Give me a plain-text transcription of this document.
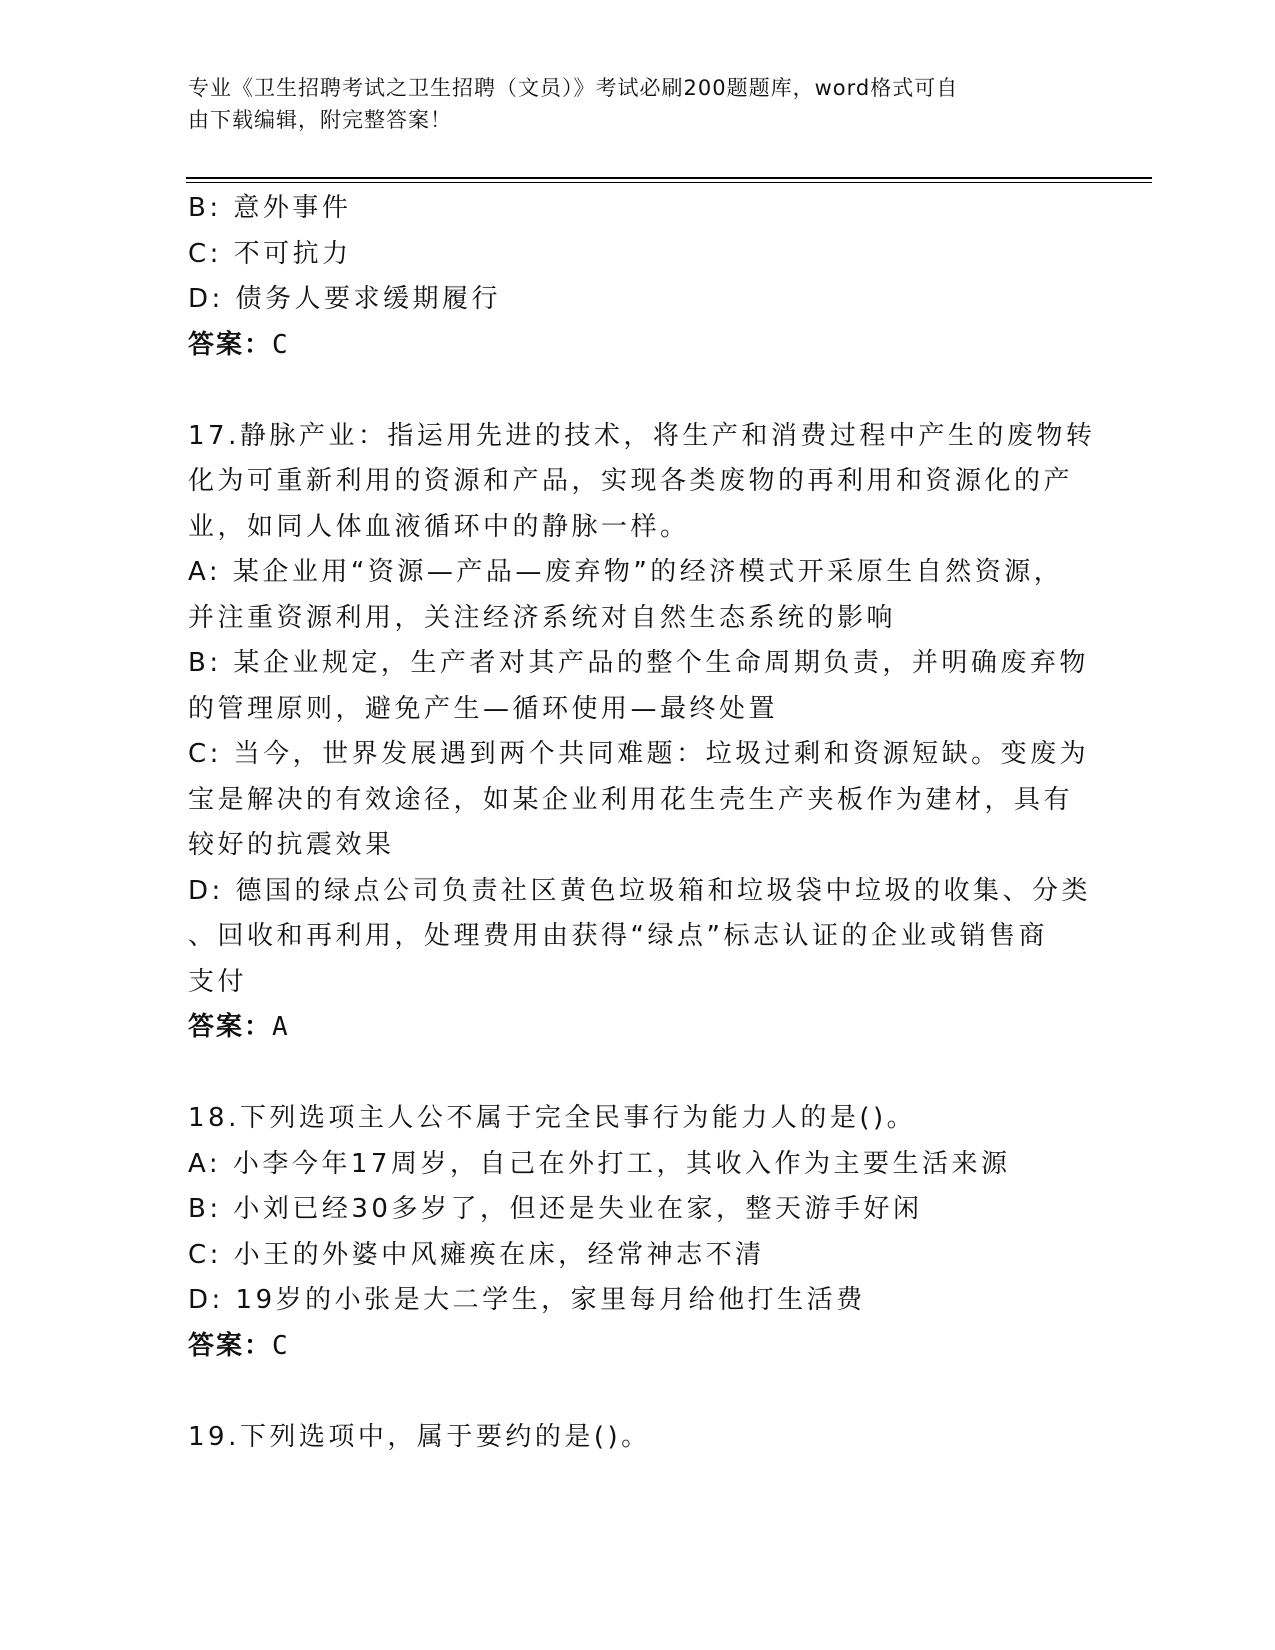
专业《卫生招聘考试之卫生招聘（文员）》考试必刷200题题库，word格式可自
由下载编辑，附完整答案！
B: 意外事件
C: 不可抗力
D: 债务人要求缓期履行
答案：C
17.静脉产业：指运用先进的技术，将生产和消费过程中产生的废物转
化为可重新利用的资源和产品，实现各类废物的再利用和资源化的产
业，如同人体血液循环中的静脉一样。
A: 某企业用“资源—产品—废弃物”的经济模式开采原生自然资源，
并注重资源利用，关注经济系统对自然生态系统的影响
B: 某企业规定，生产者对其产品的整个生命周期负责，并明确废弃物
的管理原则，避免产生—循环使用—最终处置
C: 当今，世界发展遇到两个共同难题：垃圾过剩和资源短缺。变废为
宝是解决的有效途径，如某企业利用花生壳生产夹板作为建材，具有
较好的抗震效果
D: 德国的绿点公司负责社区黄色垃圾箱和垃圾袋中垃圾的收集、分类
、回收和再利用，处理费用由获得“绿点”标志认证的企业或销售商
支付
答案：A
18.下列选项主人公不属于完全民事行为能力人的是()。
A: 小李今年17周岁，自己在外打工，其收入作为主要生活来源
B: 小刘已经30多岁了，但还是失业在家，整天游手好闲
C: 小王的外婆中风瘫痪在床，经常神志不清
D: 19岁的小张是大二学生，家里每月给他打生活费
答案：C
19.下列选项中，属于要约的是()。
